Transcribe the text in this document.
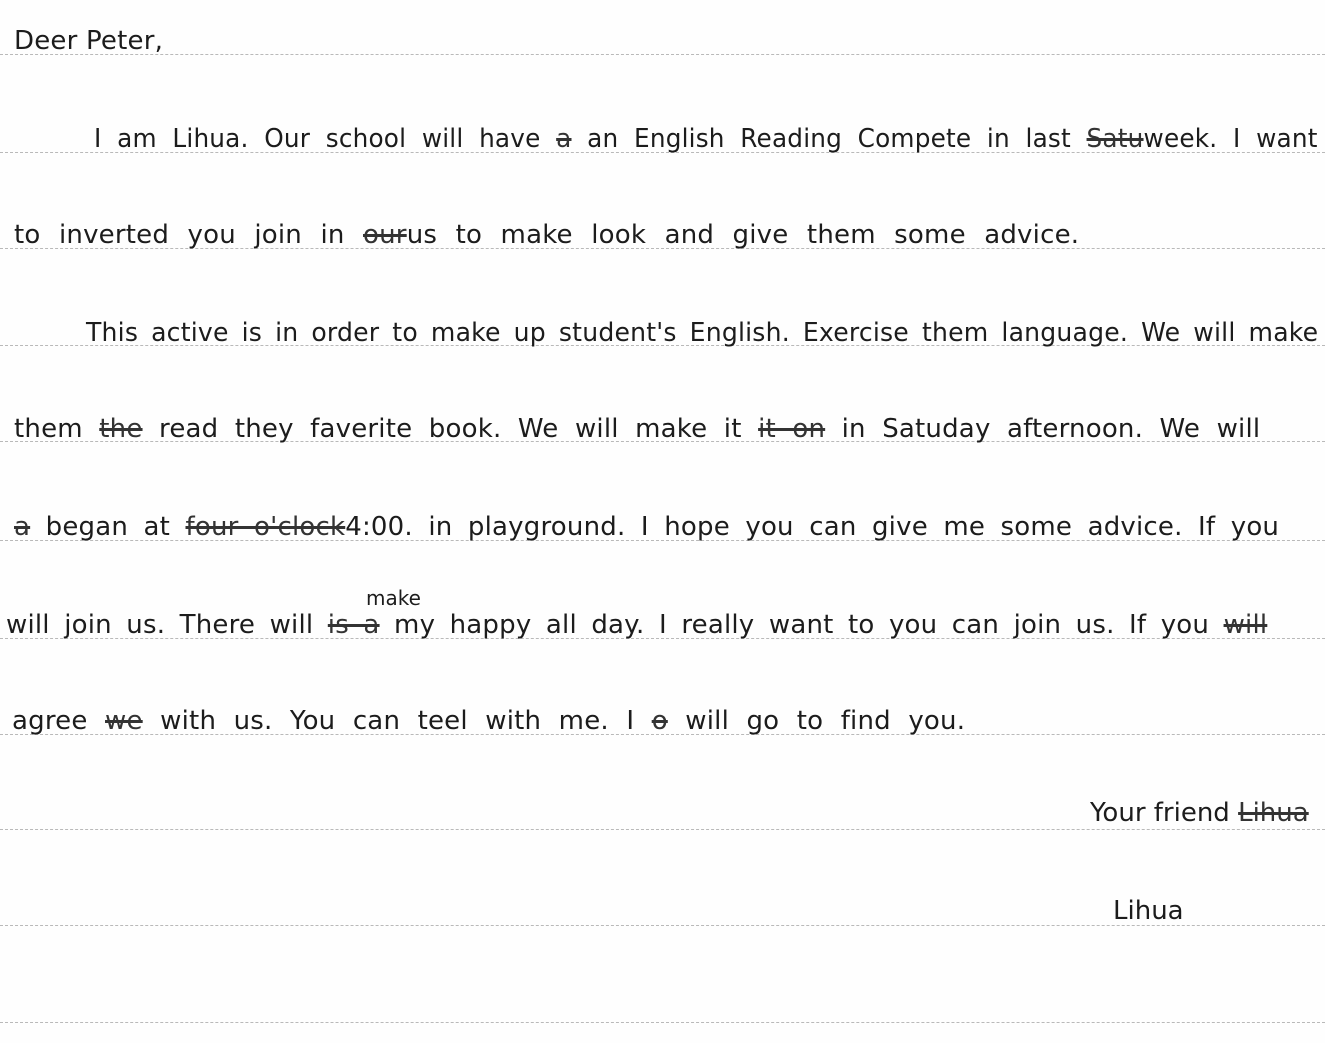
Deer Peter,
I am Lihua. Our school will have
a
an English Reading Compete in last
Satu week. I want
to inverted you
join in
our us to make look and give them some advice.
This active is in order to make up student's English. Exercise them language. We will make
them
the
read they faverite book. We will make it
it on
in Satuday afternoon. We will
a
began at
four o'clock 4:00. in playground. I hope you can give me some advice. If you
make
will join us. There will
is a
my happy all day. I really want to you can join us. If you
will
agree
we
with us. You can teel with me. I
o
will go to find you.
Your friend Lihua
Lihua
